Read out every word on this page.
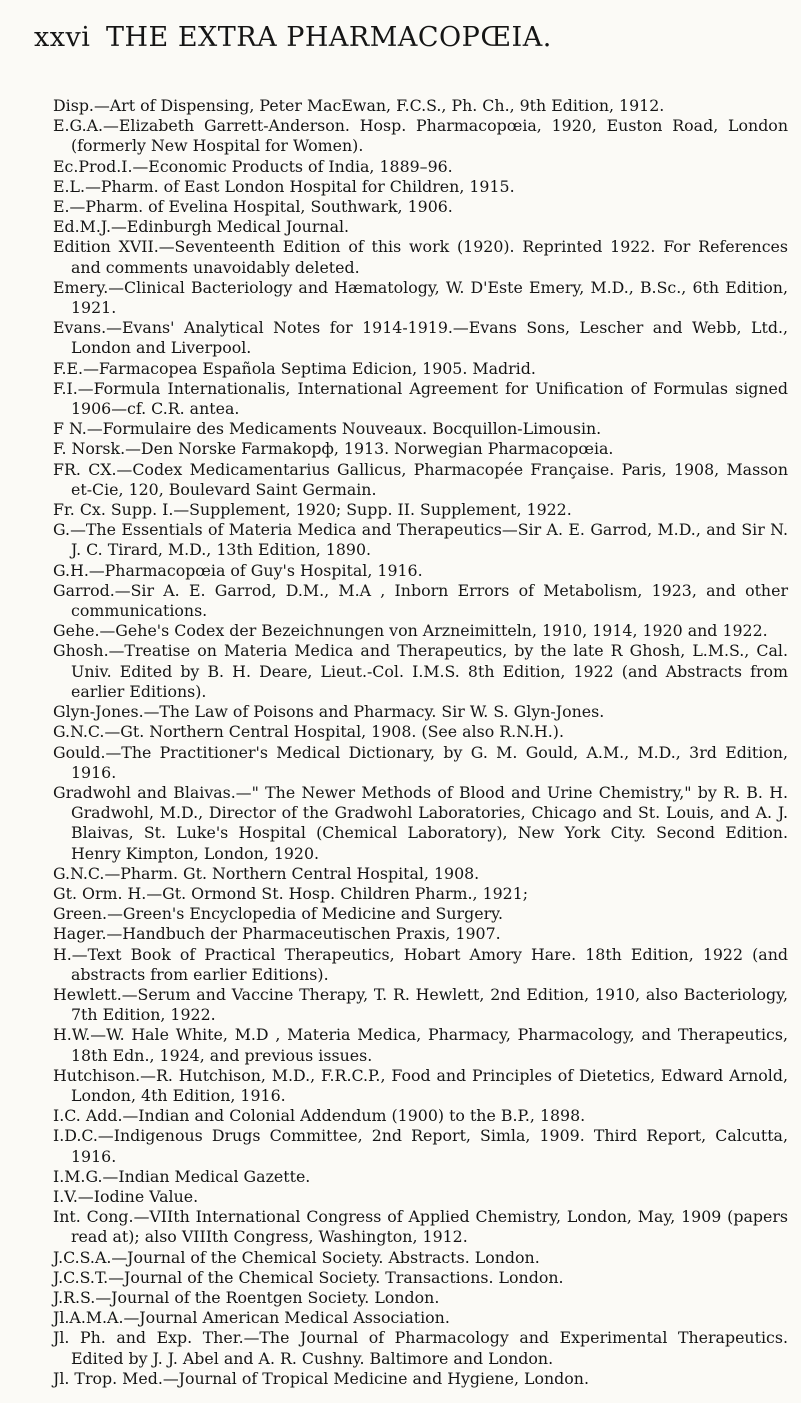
xxvi THE EXTRA PHARMACOPŒIA.

Disp.—Art of Dispensing, Peter MacEwan, F.C.S., Ph. Ch., 9th Edition, 1912.

E.G.A.—Elizabeth Garrett-Anderson. Hosp. Pharmacopœia, 1920, Euston Road, London (formerly New Hospital for Women).

Ec.Prod.I.—Economic Products of India, 1889–96.

E.L.—Pharm. of East London Hospital for Children, 1915.

E.—Pharm. of Evelina Hospital, Southwark, 1906.

Ed.M.J.—Edinburgh Medical Journal.

Edition XVII.—Seventeenth Edition of this work (1920). Reprinted 1922. For References and comments unavoidably deleted.

Emery.—Clinical Bacteriology and Hæmatology, W. D'Este Emery, M.D., B.Sc., 6th Edition, 1921.

Evans.—Evans' Analytical Notes for 1914-1919.—Evans Sons, Lescher and Webb, Ltd., London and Liverpool.

F.E.—Farmacopea Española Septima Edicion, 1905. Madrid.

F.I.—Formula Internationalis, International Agreement for Unification of Formulas signed 1906—cf. C.R. antea.

F N.—Formulaire des Medicaments Nouveaux. Bocquillon-Limousin.

F. Norsk.—Den Norske Farmakopф, 1913. Norwegian Pharmacopœia.

FR. CX.—Codex Medicamentarius Gallicus, Pharmacopée Française. Paris, 1908, Masson et-Cie, 120, Boulevard Saint Germain.

Fr. Cx. Supp. I.—Supplement, 1920; Supp. II. Supplement, 1922.

G.—The Essentials of Materia Medica and Therapeutics—Sir A. E. Garrod, M.D., and Sir N. J. C. Tirard, M.D., 13th Edition, 1890.

G.H.—Pharmacopœia of Guy's Hospital, 1916.

Garrod.—Sir A. E. Garrod, D.M., M.A , Inborn Errors of Metabolism, 1923, and other communications.

Gehe.—Gehe's Codex der Bezeichnungen von Arzneimitteln, 1910, 1914, 1920 and 1922.

Ghosh.—Treatise on Materia Medica and Therapeutics, by the late R Ghosh, L.M.S., Cal. Univ. Edited by B. H. Deare, Lieut.-Col. I.M.S. 8th Edition, 1922 (and Abstracts from earlier Editions).

Glyn-Jones.—The Law of Poisons and Pharmacy. Sir W. S. Glyn-Jones.

G.N.C.—Gt. Northern Central Hospital, 1908. (See also R.N.H.).

Gould.—The Practitioner's Medical Dictionary, by G. M. Gould, A.M., M.D., 3rd Edition, 1916.

Gradwohl and Blaivas.—" The Newer Methods of Blood and Urine Chemistry," by R. B. H. Gradwohl, M.D., Director of the Gradwohl Laboratories, Chicago and St. Louis, and A. J. Blaivas, St. Luke's Hospital (Chemical Laboratory), New York City. Second Edition. Henry Kimpton, London, 1920.

G.N.C.—Pharm. Gt. Northern Central Hospital, 1908.

Gt. Orm. H.—Gt. Ormond St. Hosp. Children Pharm., 1921;

Green.—Green's Encyclopedia of Medicine and Surgery.

Hager.—Handbuch der Pharmaceutischen Praxis, 1907.

H.—Text Book of Practical Therapeutics, Hobart Amory Hare. 18th Edition, 1922 (and abstracts from earlier Editions).

Hewlett.—Serum and Vaccine Therapy, T. R. Hewlett, 2nd Edition, 1910, also Bacteriology, 7th Edition, 1922.

H.W.—W. Hale White, M.D , Materia Medica, Pharmacy, Pharmacology, and Therapeutics, 18th Edn., 1924, and previous issues.

Hutchison.—R. Hutchison, M.D., F.R.C.P., Food and Principles of Dietetics, Edward Arnold, London, 4th Edition, 1916.

I.C. Add.—Indian and Colonial Addendum (1900) to the B.P., 1898.

I.D.C.—Indigenous Drugs Committee, 2nd Report, Simla, 1909. Third Report, Calcutta, 1916.

I.M.G.—Indian Medical Gazette.

I.V.—Iodine Value.

Int. Cong.—VIIth International Congress of Applied Chemistry, London, May, 1909 (papers read at); also VIIIth Congress, Washington, 1912.

J.C.S.A.—Journal of the Chemical Society. Abstracts. London.

J.C.S.T.—Journal of the Chemical Society. Transactions. London.

J.R.S.—Journal of the Roentgen Society. London.

Jl.A.M.A.—Journal American Medical Association.

Jl. Ph. and Exp. Ther.—The Journal of Pharmacology and Experimental Therapeutics. Edited by J. J. Abel and A. R. Cushny. Baltimore and London.

Jl. Trop. Med.—Journal of Tropical Medicine and Hygiene, London.
